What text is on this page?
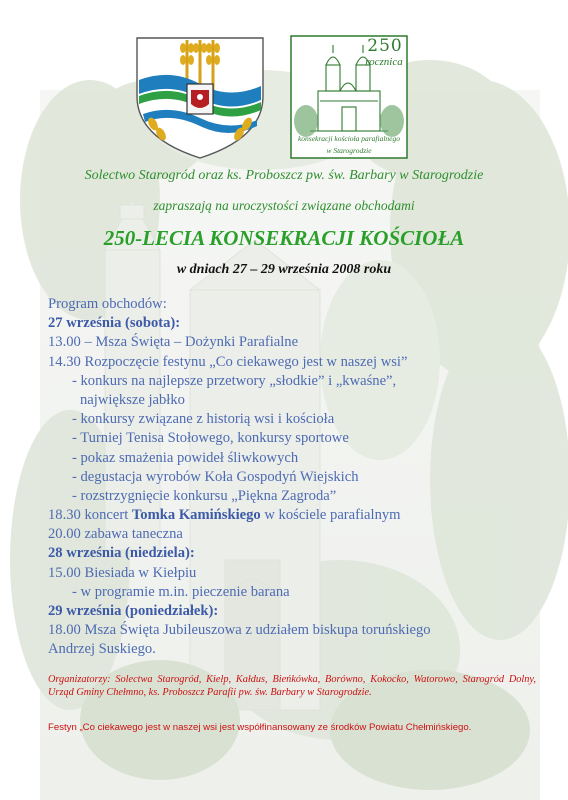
250
rocznica
konsekracji kościoła parafialnego
w Starogrodzie
Solectwo Starogród oraz ks. Proboszcz pw. św. Barbary w Starogrodzie
zapraszają na uroczystości związane obchodami
250-LECIA KONSEKRACJI KOŚCIOŁA
w dniach 27 – 29 września 2008 roku
Program obchodów:
27 września (sobota):
13.00 – Msza Święta – Dożynki Parafialne
14.30 Rozpoczęcie festynu „Co ciekawego jest w naszej wsi”
- konkurs na najlepsze przetwory „słodkie” i „kwaśne”,
największe jabłko
- konkursy związane z historią wsi i kościoła
- Turniej Tenisa Stołowego, konkursy sportowe
- pokaz smażenia powideł śliwkowych
- degustacja wyrobów Koła Gospodyń Wiejskich
- rozstrzygnięcie konkursu „Piękna Zagroda”
18.30 koncert Tomka Kamińskiego w kościele parafialnym
20.00 zabawa taneczna
28 września (niedziela):
15.00 Biesiada w Kiełpiu
- w programie m.in. pieczenie barana
29 września (poniedziałek):
18.00 Msza Święta Jubileuszowa z udziałem biskupa toruńskiego
Andrzej Suskiego.
Organizatorzy: Solectwa Starogród, Kiełp, Kałdus, Bieńkówka, Borówno, Kokocko, Watorowo, Starogród Dolny, Urząd Gminy Chełmno, ks. Proboszcz Parafii pw. św. Barbary w Starogrodzie.
Festyn „Co ciekawego jest w naszej wsi jest współfinansowany ze środków Powiatu Chełmińskiego.
